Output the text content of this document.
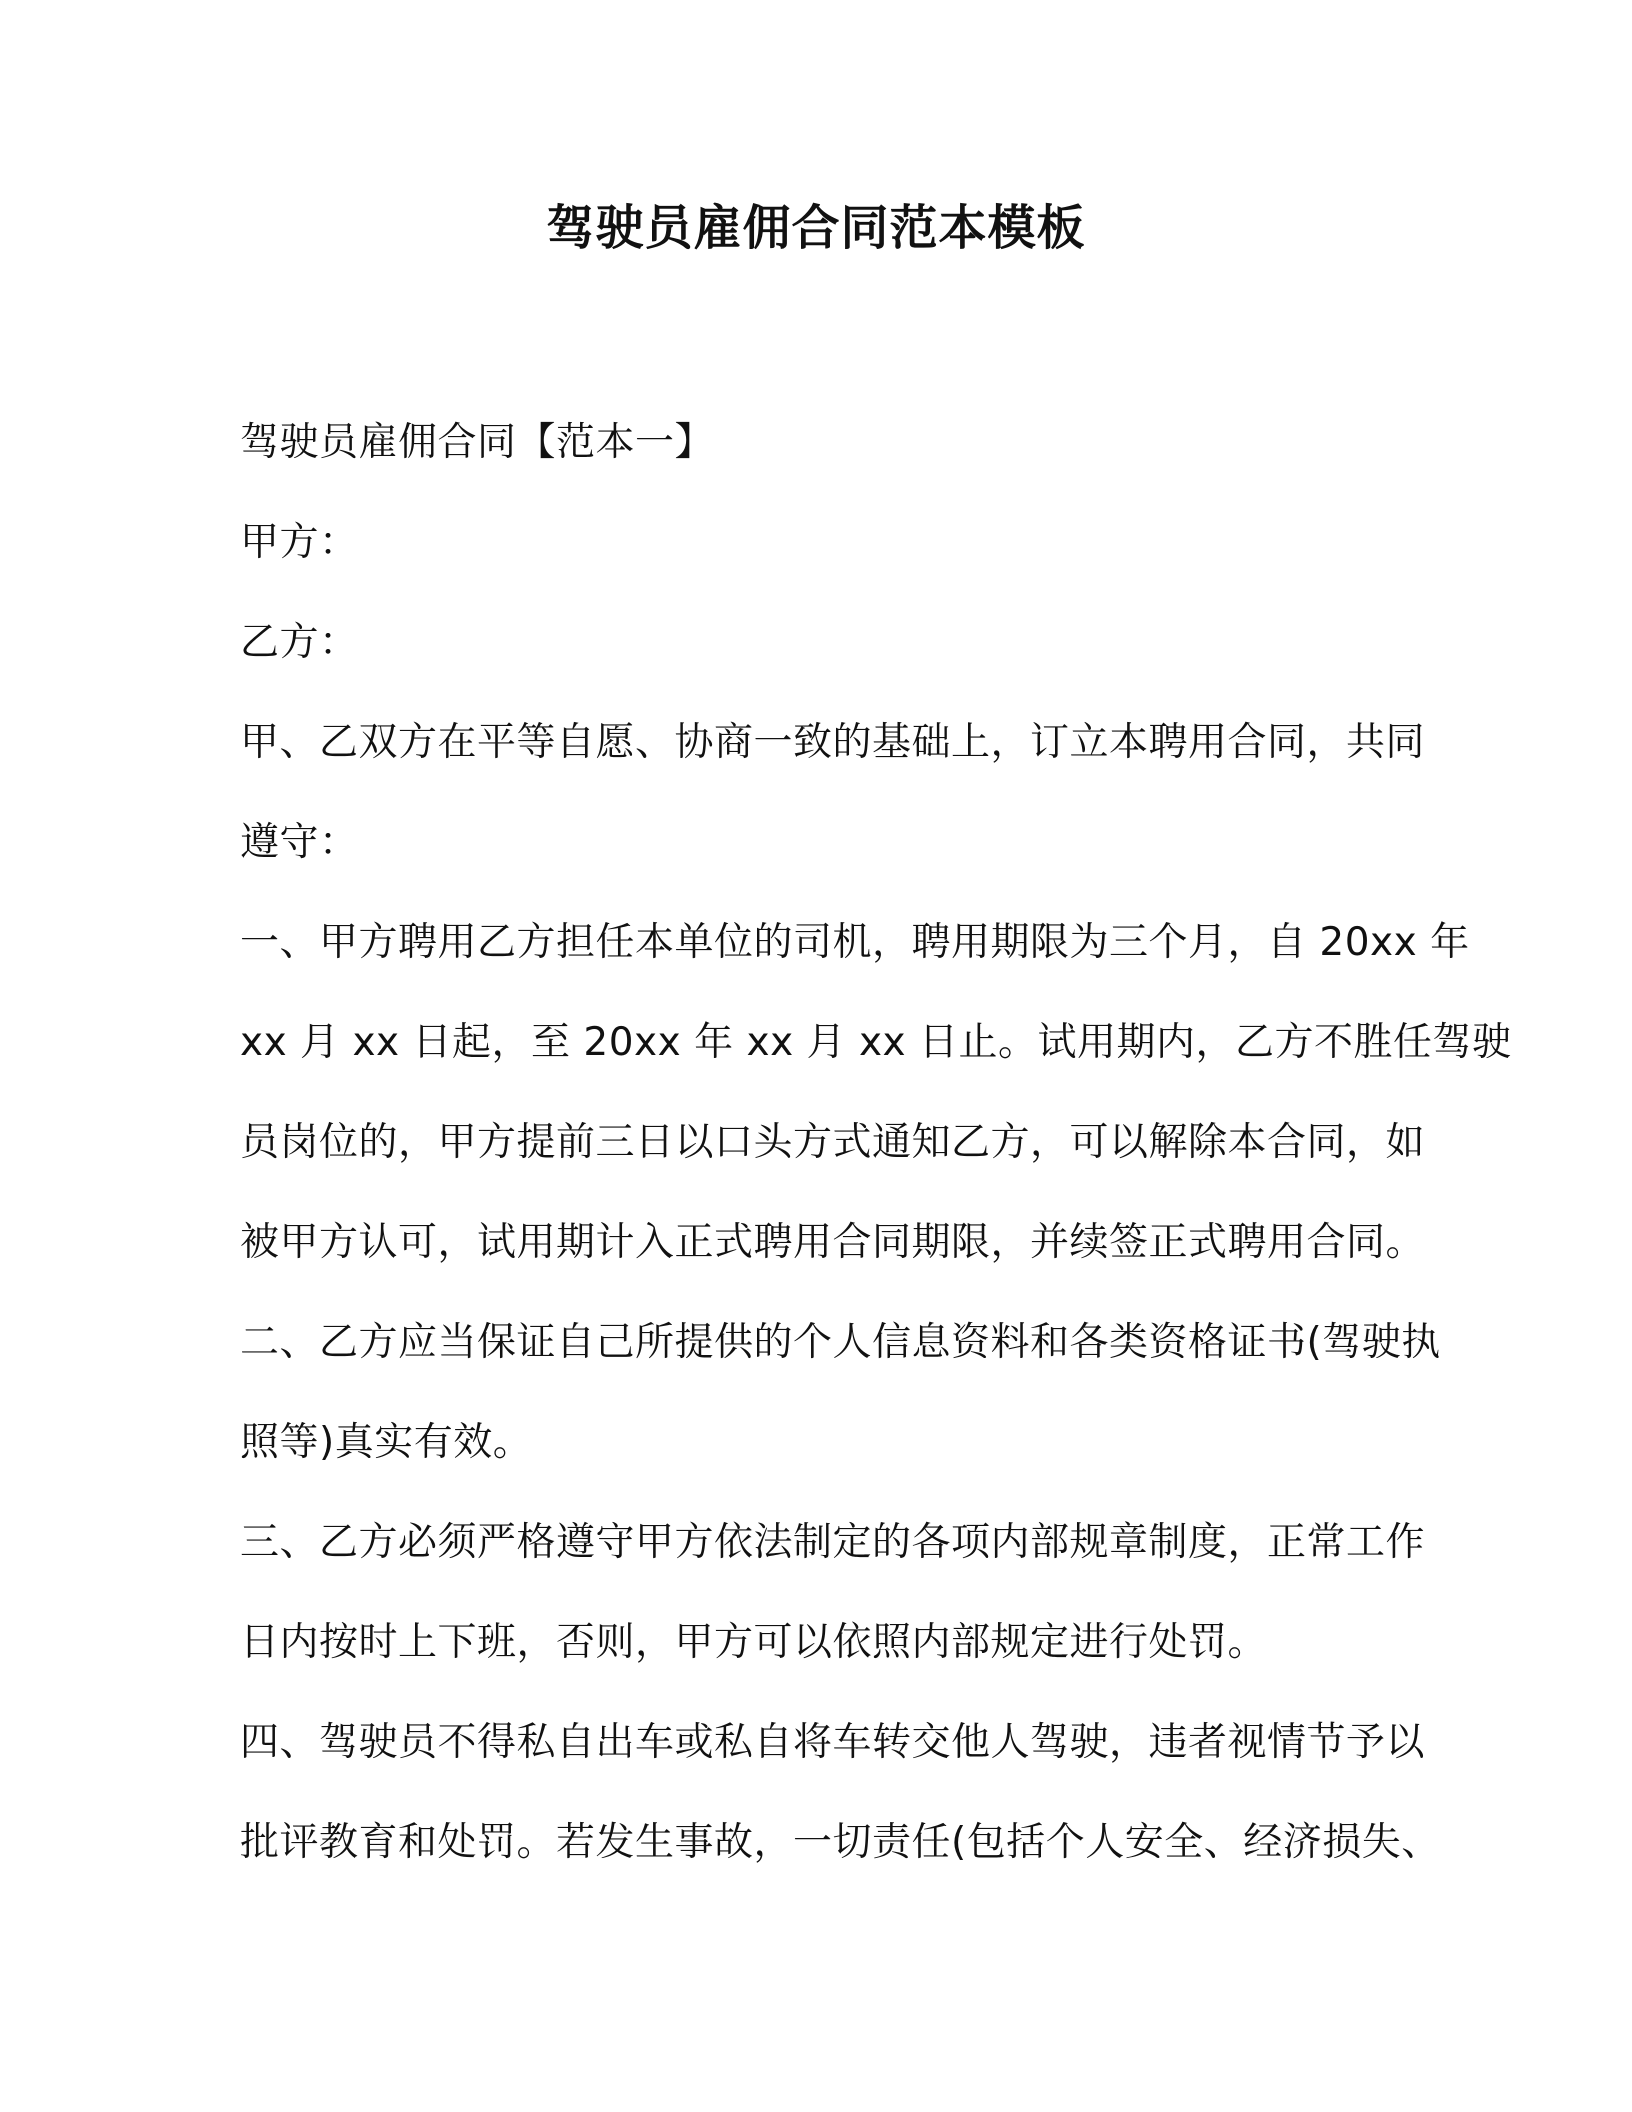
驾驶员雇佣合同范本模板
驾驶员雇佣合同【范本一】
甲方：
乙方：
甲、乙双方在平等自愿、协商一致的基础上，订立本聘用合同，共同
遵守：
一、甲方聘用乙方担任本单位的司机，聘用期限为三个月，自 20xx 年
xx 月 xx 日起，至 20xx 年 xx 月 xx 日止。试用期内，乙方不胜任驾驶
员岗位的，甲方提前三日以口头方式通知乙方，可以解除本合同，如
被甲方认可，试用期计入正式聘用合同期限，并续签正式聘用合同。
二、乙方应当保证自己所提供的个人信息资料和各类资格证书(驾驶执
照等)真实有效。
三、乙方必须严格遵守甲方依法制定的各项内部规章制度，正常工作
日内按时上下班，否则，甲方可以依照内部规定进行处罚。
四、驾驶员不得私自出车或私自将车转交他人驾驶，违者视情节予以
批评教育和处罚。若发生事故，一切责任(包括个人安全、经济损失、
